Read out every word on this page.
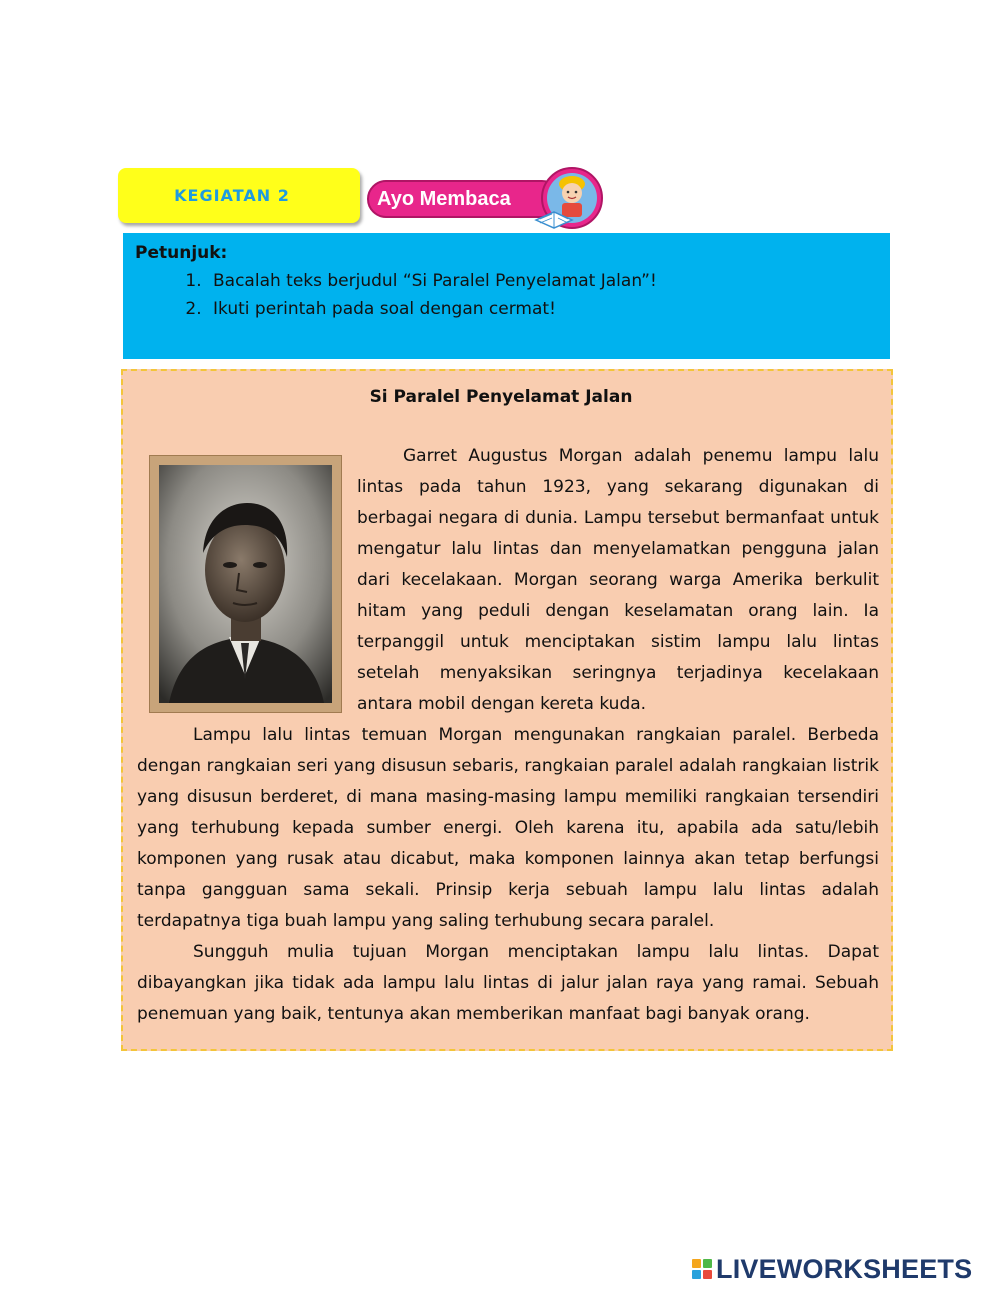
KEGIATAN 2	Ayo Membaca
Petunjuk:
1. Bacalah teks berjudul “Si Paralel Penyelamat Jalan”!
2. Ikuti perintah pada soal dengan cermat!
Si Paralel Penyelamat Jalan

Garret Augustus Morgan adalah penemu lampu lalu lintas pada tahun 1923, yang sekarang digunakan di berbagai negara di dunia. Lampu tersebut bermanfaat untuk mengatur lalu lintas dan menyelamatkan pengguna jalan dari kecelakaan. Morgan seorang warga Amerika berkulit hitam yang peduli dengan keselamatan orang lain. Ia terpanggil untuk menciptakan sistim lampu lalu lintas setelah menyaksikan seringnya terjadinya kecelakaan antara mobil dengan kereta kuda.

Lampu lalu lintas temuan Morgan mengunakan rangkaian paralel. Berbeda dengan rangkaian seri yang disusun sebaris, rangkaian paralel adalah rangkaian listrik yang disusun berderet, di mana masing-masing lampu memiliki rangkaian tersendiri yang terhubung kepada sumber energi. Oleh karena itu, apabila ada satu/lebih komponen yang rusak atau dicabut, maka komponen lainnya akan tetap berfungsi tanpa gangguan sama sekali. Prinsip kerja sebuah lampu lalu lintas adalah terdapatnya tiga buah lampu yang saling terhubung secara paralel.

Sungguh mulia tujuan Morgan menciptakan lampu lalu lintas. Dapat dibayangkan jika tidak ada lampu lalu lintas di jalur jalan raya yang ramai. Sebuah penemuan yang baik, tentunya akan memberikan manfaat bagi banyak orang.

LIVEWORKSHEETS
